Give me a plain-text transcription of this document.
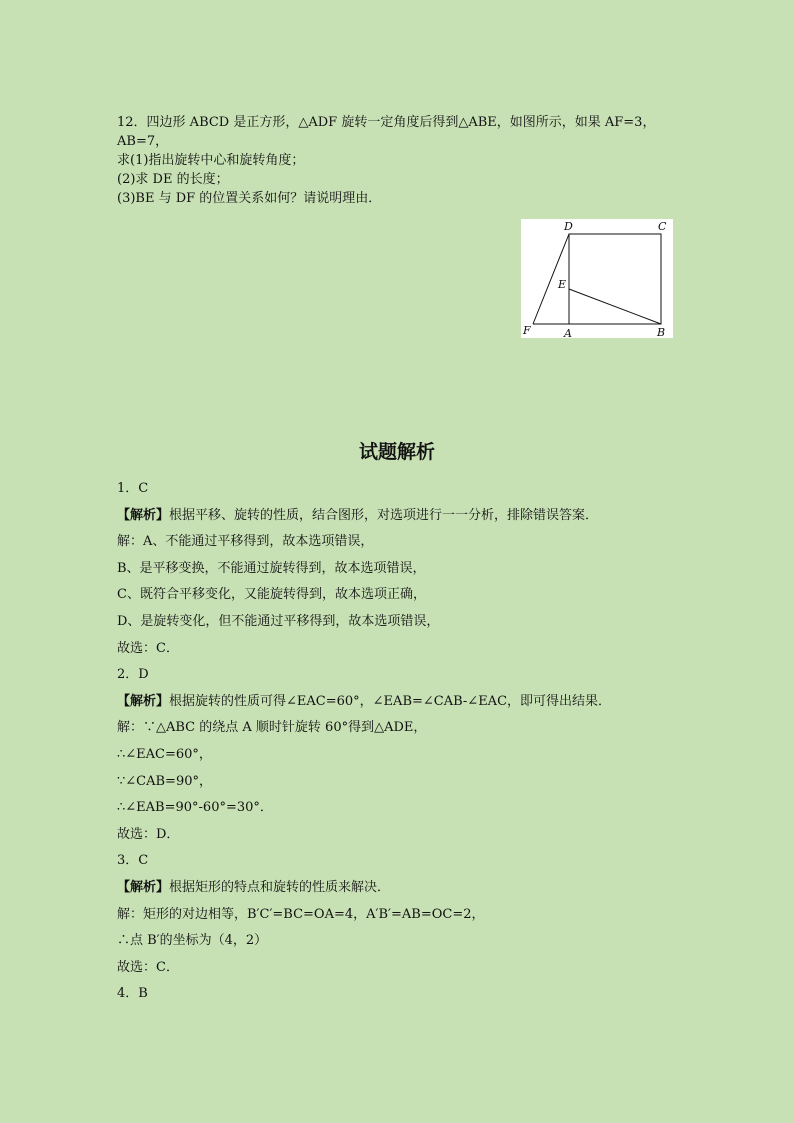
12．四边形 ABCD 是正方形，△ADF 旋转一定角度后得到△ABE，如图所示，如果 AF=3，
AB=7，
求(1)指出旋转中心和旋转角度；
(2)求 DE 的长度；
(3)BE 与 DF 的位置关系如何？请说明理由．
D	C
E
F	A	B
试题解析
1．C
【解析】根据平移、旋转的性质，结合图形，对选项进行一一分析，排除错误答案．
解：A、不能通过平移得到，故本选项错误，
B、是平移变换，不能通过旋转得到，故本选项错误，
C、既符合平移变化，又能旋转得到，故本选项正确，
D、是旋转变化，但不能通过平移得到，故本选项错误，
故选：C．
2．D
【解析】根据旋转的性质可得∠EAC=60°，∠EAB=∠CAB-∠EAC，即可得出结果．
解：∵△ABC 的绕点 A 顺时针旋转 60°得到△ADE，
∴∠EAC=60°，
∵∠CAB=90°，
∴∠EAB=90°-60°=30°．
故选：D．
3．C
【解析】根据矩形的特点和旋转的性质来解决．
解：矩形的对边相等，B′C′=BC=OA=4，A′B′=AB=OC=2，
∴点 B′的坐标为（4，2）
故选：C．
4．B
